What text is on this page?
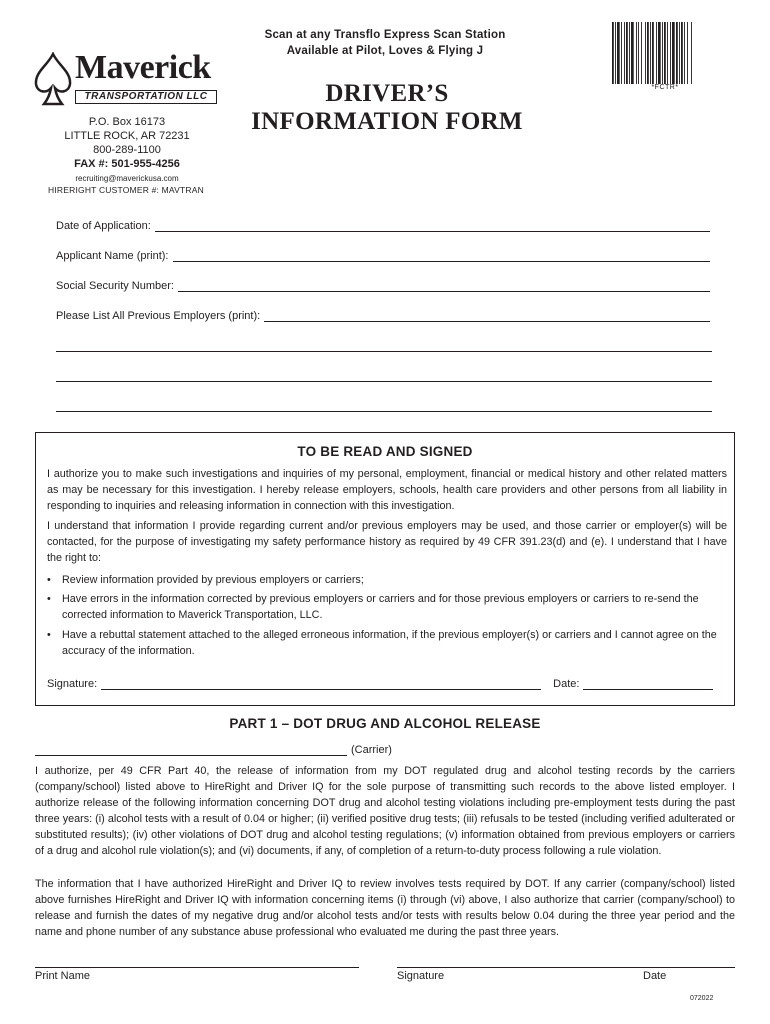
Scan at any Transflo Express Scan Station
Available at Pilot, Loves & Flying J
*FCTR*
Maverick
TRANSPORTATION LLC
P.O. Box 16173
LITTLE ROCK, AR 72231
800-289-1100
FAX #: 501-955-4256
recruiting@maverickusa.com
HIRERIGHT CUSTOMER #: MAVTRAN
DRIVER’S
INFORMATION FORM
Date of Application:
Applicant Name (print):
Social Security Number:
Please List All Previous Employers (print):
TO BE READ AND SIGNED
I authorize you to make such investigations and inquiries of my personal, employment, financial or medical history and other related matters as may be necessary for this investigation. I hereby release employers, schools, health care providers and other persons from all liability in responding to inquiries and releasing information in connection with this investigation.
I understand that information I provide regarding current and/or previous employers may be used, and those carrier or employer(s) will be contacted, for the purpose of investigating my safety performance history as required by 49 CFR 391.23(d) and (e). I understand that I have the right to:
•	Review information provided by previous employers or carriers;
•	Have errors in the information corrected by previous employers or carriers and for those previous employers or carriers to re-send the corrected information to Maverick Transportation, LLC.
•	Have a rebuttal statement attached to the alleged erroneous information, if the previous employer(s) or carriers and I cannot agree on the accuracy of the information.
Signature:	Date:
PART 1 – DOT DRUG AND ALCOHOL RELEASE
(Carrier)
I authorize, per 49 CFR Part 40, the release of information from my DOT regulated drug and alcohol testing records by the carriers (company/school) listed above to HireRight and Driver IQ for the sole purpose of transmitting such records to the above listed employer. I authorize release of the following information concerning DOT drug and alcohol testing violations including pre-employment tests during the past three years: (i) alcohol tests with a result of 0.04 or higher; (ii) verified positive drug tests; (iii) refusals to be tested (including verified adulterated or substituted results); (iv) other violations of DOT drug and alcohol testing regulations; (v) information obtained from previous employers or carriers of a drug and alcohol rule violation(s); and (vi) documents, if any, of completion of a return-to-duty process following a rule violation.
The information that I have authorized HireRight and Driver IQ to review involves tests required by DOT. If any carrier (company/school) listed above furnishes HireRight and Driver IQ with information concerning items (i) through (vi) above, I also authorize that carrier (company/school) to release and furnish the dates of my negative drug and/or alcohol tests and/or tests with results below 0.04 during the three year period and the name and phone number of any substance abuse professional who evaluated me during the past three years.
Print Name	Signature	Date
072022
